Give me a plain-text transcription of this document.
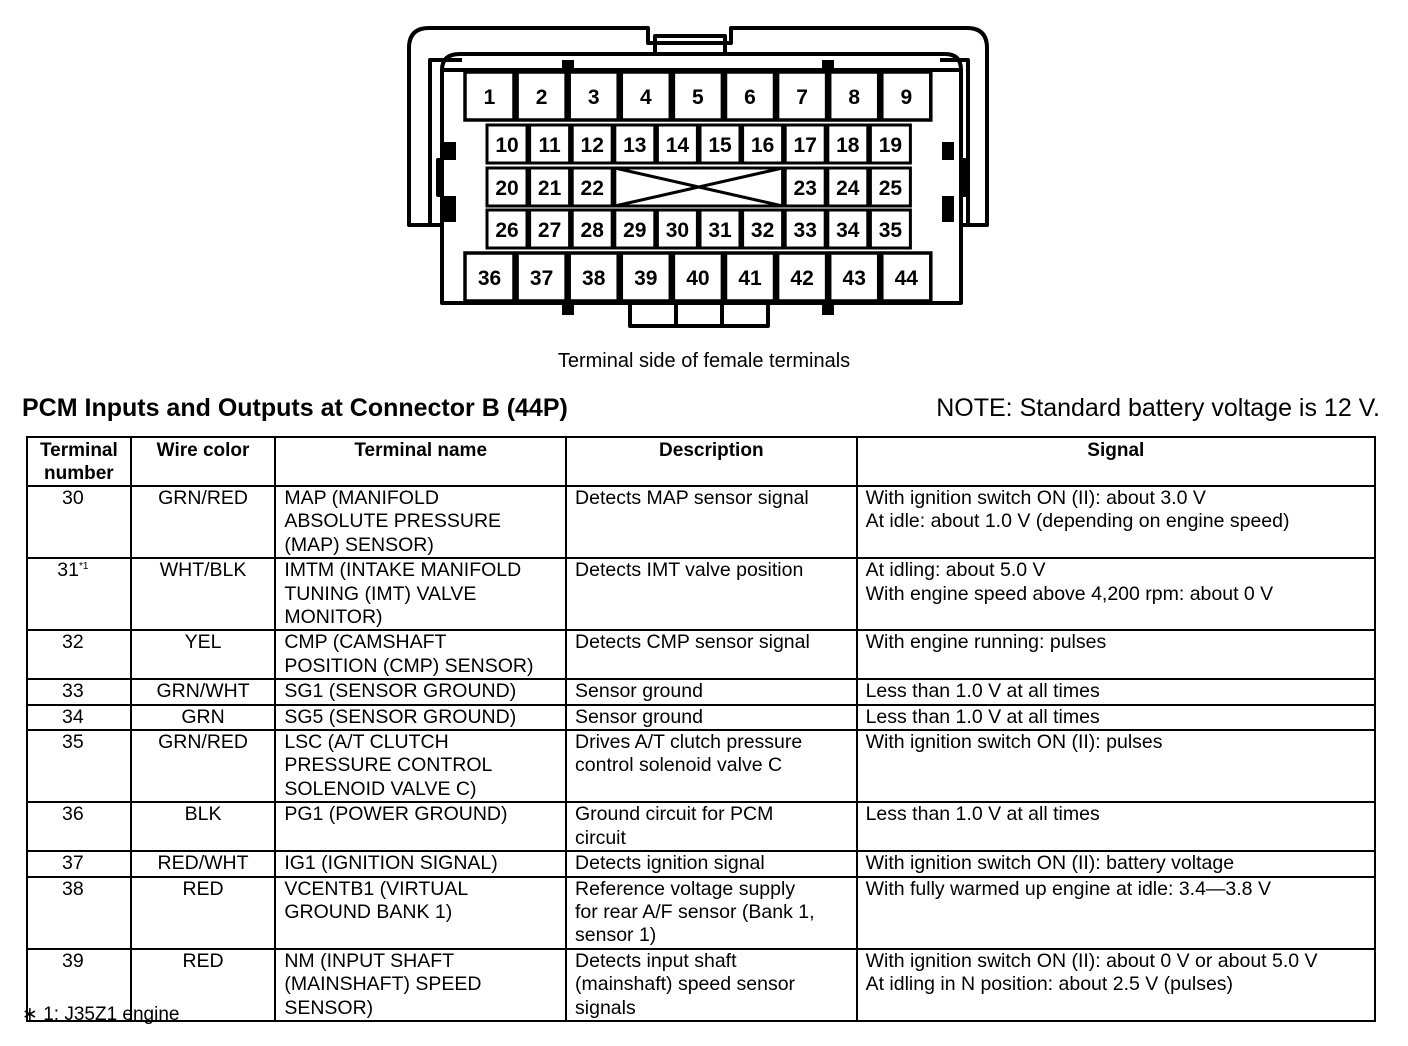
1 2 3 4 5 6 7 8 9
36 37 38 39 40 41 42 43 44
10 11 12 13 14 15 16 17 18 19
26 27 28 29 30 31 32 33 34 35
20 21 22	23 24 25
Terminal side of female terminals
PCM Inputs and Outputs at Connector B (44P)	NOTE: Standard battery voltage is 12 V.
Terminal
number	Wire color	Terminal name	Description	Signal
30	GRN/RED	MAP (MANIFOLD
ABSOLUTE PRESSURE
(MAP) SENSOR)	Detects MAP sensor signal	With ignition switch ON (II): about 3.0 V
At idle: about 1.0 V (depending on engine speed)

31$^{*1}$	WHT/BLK	IMTM (INTAKE MANIFOLD
TUNING (IMT) VALVE
MONITOR)	Detects IMT valve position	At idling: about 5.0 V
With engine speed above 4,200 rpm: about 0 V

32	YEL	CMP (CAMSHAFT
POSITION (CMP) SENSOR)	Detects CMP sensor signal	With engine running: pulses

33	GRN/WHT	SG1 (SENSOR GROUND)	Sensor ground	Less than 1.0 V at all times

34	GRN	SG5 (SENSOR GROUND)	Sensor ground	Less than 1.0 V at all times

35	GRN/RED	LSC (A/T CLUTCH
PRESSURE CONTROL
SOLENOID VALVE C)	Drives A/T clutch pressure
control solenoid valve C	With ignition switch ON (II): pulses

36	BLK	PG1 (POWER GROUND)	Ground circuit for PCM
circuit	Less than 1.0 V at all times

37	RED/WHT	IG1 (IGNITION SIGNAL)	Detects ignition signal	With ignition switch ON (II): battery voltage

38	RED	VCENTB1 (VIRTUAL
GROUND BANK 1)	Reference voltage supply
for rear A/F sensor (Bank 1,
sensor 1)	With fully warmed up engine at idle: 3.4—3.8 V

39	RED	NM (INPUT SHAFT
(MAINSHAFT) SPEED
SENSOR)	Detects input shaft
(mainshaft) speed sensor
signals	With ignition switch ON (II): about 0 V or about 5.0 V
At idling in N position: about 2.5 V (pulses)
∗ 1: J35Z1 engine
